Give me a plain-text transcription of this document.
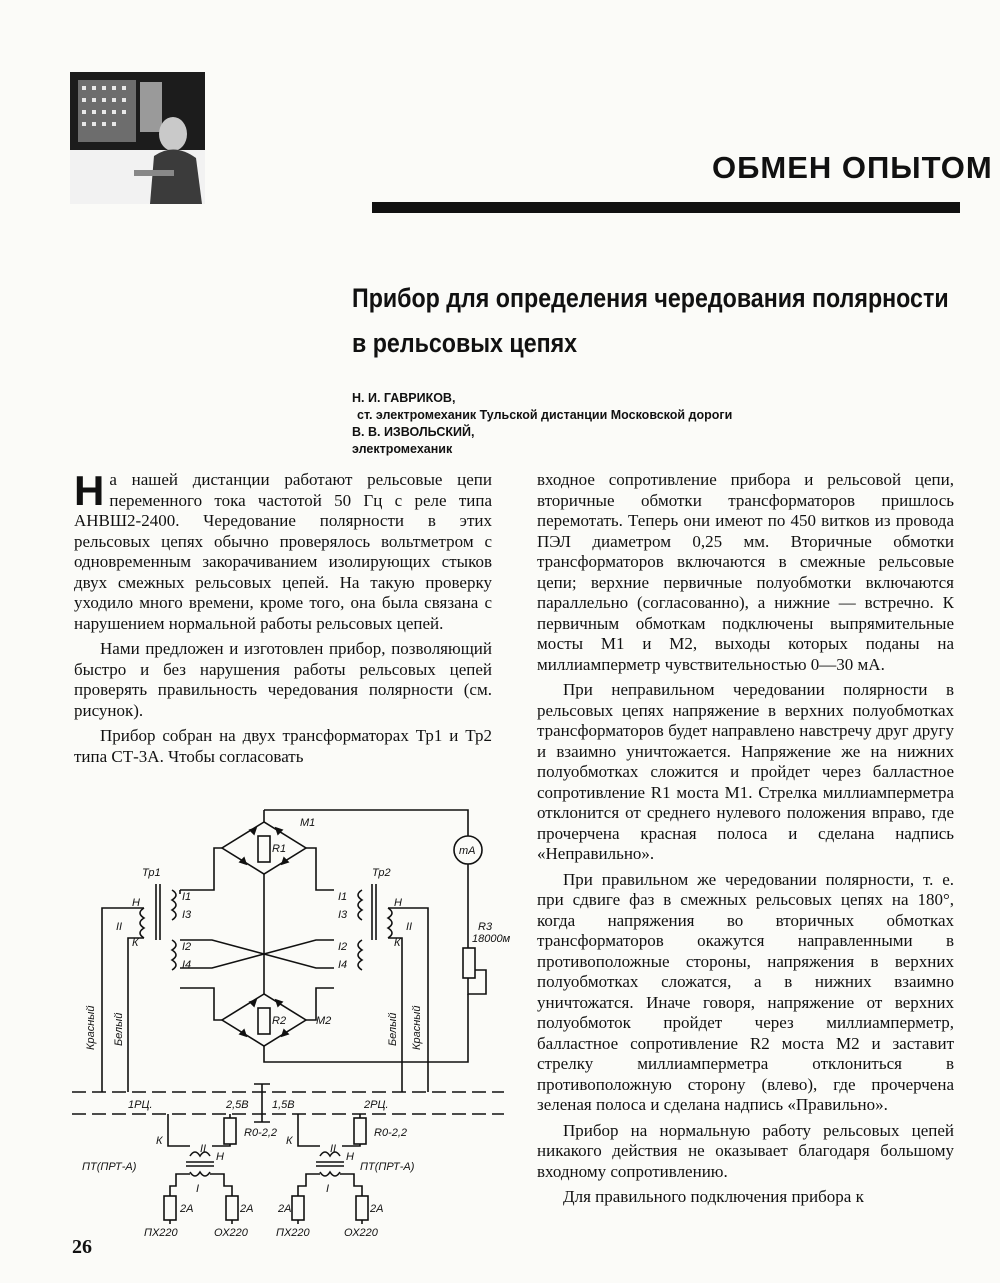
ОБМЕН ОПЫТОМ
Прибор для определения чередования полярности
в рельсовых цепях
Н. И. ГАВРИКОВ,
ст. электромеханик Тульской дистанции Московской дороги
В. В. ИЗВОЛЬСКИЙ,
электромеханик

На нашей дистанции работают рельсовые цепи переменного тока частотой 50 Гц с реле типа АНВШ2-2400. Чередование полярности в этих рельсовых цепях обычно проверялось вольтметром с одновременным закорачиванием изолирующих стыков двух смежных рельсовых цепей. На такую проверку уходило много времени, кроме того, она была связана с нарушением нормальной работы рельсовых цепей.

Нами предложен и изготовлен прибор, позволяющий быстро и без нарушения работы рельсовых цепей проверять правильность чередования полярности (см. рисунок).

Прибор собран на двух трансформаторах Тр1 и Тр2 типа СТ-3А. Чтобы согласовать

входное сопротивление прибора и рельсовой цепи, вторичные обмотки трансформаторов пришлось перемотать. Теперь они имеют по 450 витков из провода ПЭЛ диаметром 0,25 мм. Вторичные обмотки трансформаторов включаются в смежные рельсовые цепи; верхние первичные полуобмотки включаются параллельно (согласованно), а нижние — встречно. К первичным обмоткам подключены выпрямительные мосты М1 и М2, выходы которых поданы на миллиамперметр чувствительностью 0—30 мА.

При неправильном чередовании полярности в рельсовых цепях напряжение в верхних полуобмотках трансформаторов будет направлено навстречу друг другу и взаимно уничтожается. Напряжение же на нижних полуобмотках сложится и пройдет через балластное сопротивление R1 моста М1. Стрелка миллиамперметра отклонится от среднего нулевого положения вправо, где прочерчена красная полоса и сделана надпись «Неправильно».

При правильном же чередовании полярности, т. е. при сдвиге фаз в смежных рельсовых цепях на 180°, когда напряжения во вторичных обмотках трансформаторов окажутся направленными в противоположные стороны, напряжения в верхних полуобмотках сложатся, а в нижних взаимно уничтожатся. Иначе говоря, напряжение от верхних полуобмоток пройдет через миллиамперметр, балластное сопротивление R2 моста М2 и заставит стрелку миллиамперметра отклониться в противоположную сторону (влево), где прочерчена зеленая полоса и сделана надпись «Правильно».

Прибор на нормальную работу рельсовых цепей никакого действия не оказывает благодаря большому входному сопротивлению.

Для правильного подключения прибора к

R1
М1
mA
R3
18000м
Тр1
I1
I3
I2
I4
Н
К
II
Тр2
I1
I3
I2
I4
Н
К
II
R2	М2
Красный Белый	Белый Красный
1РЦ.	2РЦ.
2,5В 1,5В
R0-2,2
К
Н
II
I
ПТ(ПРТ-А)
2А	2А
ПХ220	ОХ220
R0-2,2
К
Н
II
I
ПТ(ПРТ-А)
2А	2А
ПХ220	ОХ220
26
